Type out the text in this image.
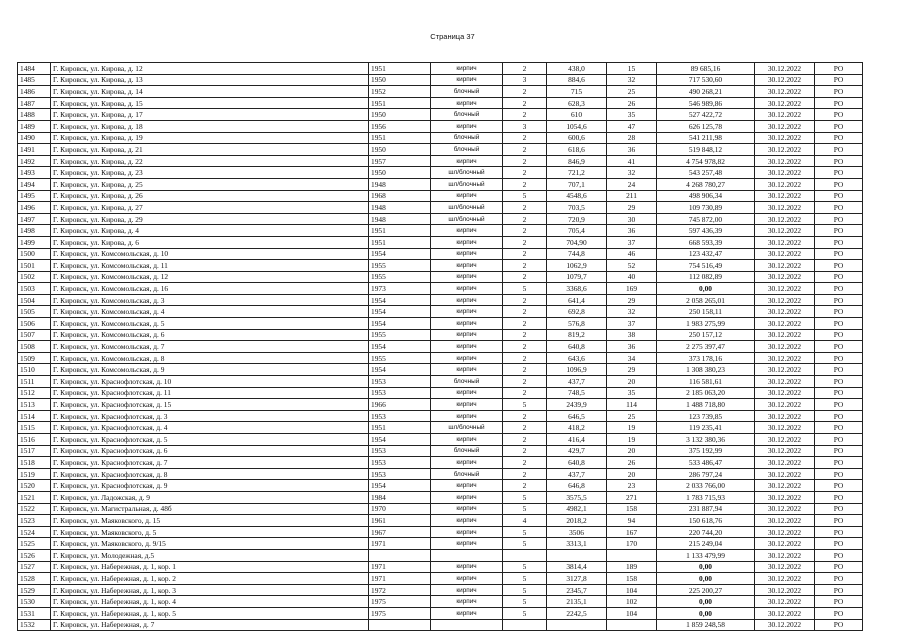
Страница 37
1484	Г. Кировск, ул. Кирова, д. 12	1951	кирпич	2	438,0	15	89 685,16	30.12.2022	РО
1485	Г. Кировск, ул. Кирова, д. 13	1950	кирпич	3	884,6	32	717 530,60	30.12.2022	РО
1486	Г. Кировск, ул. Кирова, д. 14	1952	блочный	2	715	25	490 268,21	30.12.2022	РО
1487	Г. Кировск, ул. Кирова, д. 15	1951	кирпич	2	628,3	26	546 989,86	30.12.2022	РО
1488	Г. Кировск, ул. Кирова, д. 17	1950	блочный	2	610	35	527 422,72	30.12.2022	РО
1489	Г. Кировск, ул. Кирова, д. 18	1956	кирпич	3	1054,6	47	626 125,78	30.12.2022	РО
1490	Г. Кировск, ул. Кирова, д. 19	1951	блочный	2	600,6	28	541 211,98	30.12.2022	РО
1491	Г. Кировск, ул. Кирова, д. 21	1950	блочный	2	618,6	36	519 848,12	30.12.2022	РО
1492	Г. Кировск, ул. Кирова, д. 22	1957	кирпич	2	846,9	41	4 754 978,82	30.12.2022	РО
1493	Г. Кировск, ул. Кирова, д. 23	1950	шл/блочный	2	721,2	32	543 257,48	30.12.2022	РО
1494	Г. Кировск, ул. Кирова, д. 25	1948	шл/блочный	2	707,1	24	4 268 780,27	30.12.2022	РО
1495	Г. Кировск, ул. Кирова, д. 26	1968	кирпич	5	4548,6	211	498 906,34	30.12.2022	РО
1496	Г. Кировск, ул. Кирова, д. 27	1948	шл/блочный	2	703,5	29	109 730,89	30.12.2022	РО
1497	Г. Кировск, ул. Кирова, д. 29	1948	шл/блочный	2	720,9	30	745 872,00	30.12.2022	РО
1498	Г. Кировск, ул. Кирова, д. 4	1951	кирпич	2	705,4	36	597 436,39	30.12.2022	РО
1499	Г. Кировск, ул. Кирова, д. 6	1951	кирпич	2	704,90	37	668 593,39	30.12.2022	РО
1500	Г. Кировск, ул. Комсомольская, д. 10	1954	кирпич	2	744,8	46	123 432,47	30.12.2022	РО
1501	Г. Кировск, ул. Комсомольская, д. 11	1955	кирпич	2	1062,9	52	754 516,49	30.12.2022	РО
1502	Г. Кировск, ул. Комсомольская, д. 12	1955	кирпич	2	1079,7	40	112 082,89	30.12.2022	РО
1503	Г. Кировск, ул. Комсомольская, д. 16	1973	кирпич	5	3368,6	169	0,00	30.12.2022	РО
1504	Г. Кировск, ул. Комсомольская, д. 3	1954	кирпич	2	641,4	29	2 058 265,01	30.12.2022	РО
1505	Г. Кировск, ул. Комсомольская, д. 4	1954	кирпич	2	692,8	32	250 158,11	30.12.2022	РО
1506	Г. Кировск, ул. Комсомольская, д. 5	1954	кирпич	2	576,8	37	1 983 275,99	30.12.2022	РО
1507	Г. Кировск, ул. Комсомольская, д. 6	1955	кирпич	2	819,2	38	250 157,12	30.12.2022	РО
1508	Г. Кировск, ул. Комсомольская, д. 7	1954	кирпич	2	640,8	36	2 275 397,47	30.12.2022	РО
1509	Г. Кировск, ул. Комсомольская, д. 8	1955	кирпич	2	643,6	34	373 178,16	30.12.2022	РО
1510	Г. Кировск, ул. Комсомольская, д. 9	1954	кирпич	2	1096,9	29	1 308 380,23	30.12.2022	РО
1511	Г. Кировск, ул. Краснофлотская, д. 10	1953	блочный	2	437,7	20	116 581,61	30.12.2022	РО
1512	Г. Кировск, ул. Краснофлотская, д. 11	1953	кирпич	2	748,5	35	2 185 063,20	30.12.2022	РО
1513	Г. Кировск, ул. Краснофлотская, д. 15	1966	кирпич	5	2439,9	114	1 488 718,80	30.12.2022	РО
1514	Г. Кировск, ул. Краснофлотская, д. 3	1953	кирпич	2	646,5	25	123 739,85	30.12.2022	РО
1515	Г. Кировск, ул. Краснофлотская, д. 4	1951	шл/блочный	2	418,2	19	119 235,41	30.12.2022	РО
1516	Г. Кировск, ул. Краснофлотская, д. 5	1954	кирпич	2	416,4	19	3 132 380,36	30.12.2022	РО
1517	Г. Кировск, ул. Краснофлотская, д. 6	1953	блочный	2	429,7	20	375 192,99	30.12.2022	РО
1518	Г. Кировск, ул. Краснофлотская, д. 7	1953	кирпич	2	640,8	26	533 486,47	30.12.2022	РО
1519	Г. Кировск, ул. Краснофлотская, д. 8	1953	блочный	2	437,7	20	286 797,24	30.12.2022	РО
1520	Г. Кировск, ул. Краснофлотская, д. 9	1954	кирпич	2	646,8	23	2 033 766,00	30.12.2022	РО
1521	Г. Кировск, ул. Ладожская, д. 9	1984	кирпич	5	3575,5	271	1 783 715,93	30.12.2022	РО
1522	Г. Кировск, ул. Магистральная, д. 48б	1970	кирпич	5	4982,1	158	231 887,94	30.12.2022	РО
1523	Г. Кировск, ул. Маяковского, д. 15	1961	кирпич	4	2018,2	94	150 618,76	30.12.2022	РО
1524	Г. Кировск, ул. Маяковского, д. 5	1967	кирпич	5	3506	167	220 744,20	30.12.2022	РО
1525	Г. Кировск, ул. Маяковского, д. 9/15	1971	кирпич	5	3313,1	170	215 249,04	30.12.2022	РО
1526	Г. Кировск, ул. Молодежная, д.5						1 133 479,99	30.12.2022	РО
1527	Г. Кировск, ул. Набережная, д. 1, кор. 1	1971	кирпич	5	3814,4	189	0,00	30.12.2022	РО
1528	Г. Кировск, ул. Набережная, д. 1, кор. 2	1971	кирпич	5	3127,8	158	0,00	30.12.2022	РО
1529	Г. Кировск, ул. Набережная, д. 1, кор. 3	1972	кирпич	5	2345,7	104	225 200,27	30.12.2022	РО
1530	Г. Кировск, ул. Набережная, д. 1, кор. 4	1975	кирпич	5	2135,1	102	0,00	30.12.2022	РО
1531	Г. Кировск, ул. Набережная, д. 1, кор. 5	1975	кирпич	5	2242,5	104	0,00	30.12.2022	РО
1532	Г. Кировск, ул. Набережная, д. 7						1 859 248,58	30.12.2022	РО
